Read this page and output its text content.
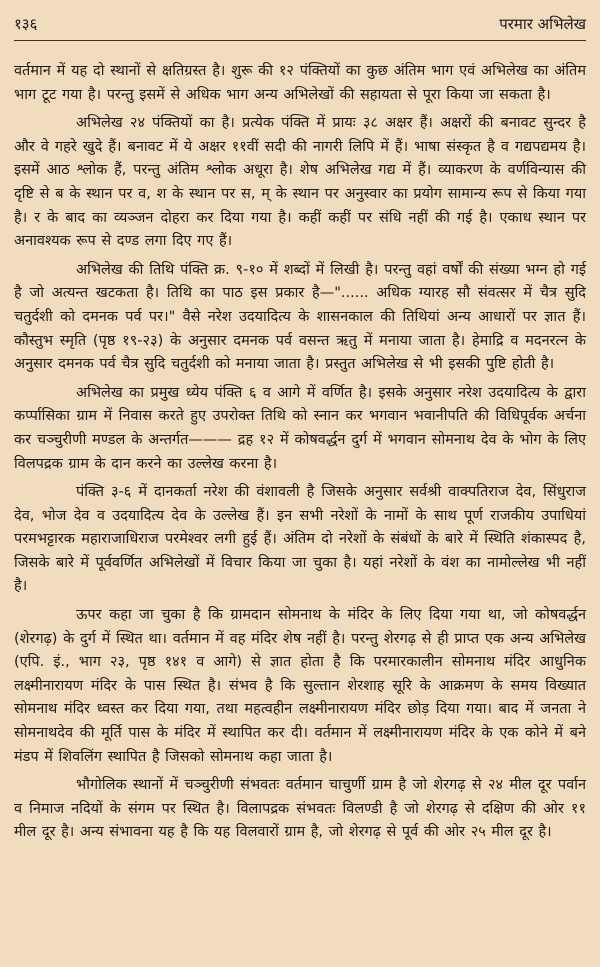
१३६	परमार अभिलेख

वर्तमान में यह दो स्थानों से क्षतिग्रस्त है। शुरू की १२ पंक्तियों का कुछ अंतिम भाग एवं अभिलेख का अंतिम भाग टूट गया है। परन्तु इसमें से अधिक भाग अन्य अभिलेखों की सहायता से पूरा किया जा सकता है।

अभिलेख २४ पंक्तियों का है। प्रत्येक पंक्ति में प्रायः ३८ अक्षर हैं। अक्षरों की बनावट सुन्दर है और वे गहरे खुदे हैं। बनावट में ये अक्षर ११वीं सदी की नागरी लिपि में हैं। भाषा संस्कृत है व गद्यपद्यमय है। इसमें आठ श्लोक हैं, परन्तु अंतिम श्लोक अधूरा है। शेष अभिलेख गद्य में हैं। व्याकरण के वर्णविन्यास की दृष्टि से ब के स्थान पर व, श के स्थान पर स, म् के स्थान पर अनुस्वार का प्रयोग सामान्य रूप से किया गया है। र के बाद का व्यञ्जन दोहरा कर दिया गया है। कहीं कहीं पर संधि नहीं की गई है। एकाध स्थान पर अनावश्यक रूप से दण्ड लगा दिए गए हैं।

अभिलेख की तिथि पंक्ति क्र. ९-१० में शब्दों में लिखी है। परन्तु वहां वर्षों की संख्या भग्न हो गई है जो अत्यन्त खटकता है। तिथि का पाठ इस प्रकार है—"...... अधिक ग्यारह सौ संवत्सर में चैत्र सुदि चतुर्दशी को दमनक पर्व पर।" वैसे नरेश उदयादित्य के शासनकाल की तिथियां अन्य आधारों पर ज्ञात हैं। कौस्तुभ स्मृति (पृष्ठ १९-२३) के अनुसार दमनक पर्व वसन्त ऋतु में मनाया जाता है। हेमाद्रि व मदनरत्न के अनुसार दमनक पर्व चैत्र सुदि चतुर्दशी को मनाया जाता है। प्रस्तुत अभिलेख से भी इसकी पुष्टि होती है।

अभिलेख का प्रमुख ध्येय पंक्ति ६ व आगे में वर्णित है। इसके अनुसार नरेश उदयादित्य के द्वारा कर्प्पासिका ग्राम में निवास करते हुए उपरोक्त तिथि को स्नान कर भगवान भवानीपति की विधिपूर्वक अर्चना कर चञ्चुरीणी मण्डल के अन्तर्गत——— द्रह १२ में कोषवर्द्धन दुर्ग में भगवान सोमनाथ देव के भोग के लिए विलपद्रक ग्राम के दान करने का उल्लेख करना है।

पंक्ति ३-६ में दानकर्ता नरेश की वंशावली है जिसके अनुसार सर्वश्री वाक्पतिराज देव, सिंधुराज देव, भोज देव व उदयादित्य देव के उल्लेख हैं। इन सभी नरेशों के नामों के साथ पूर्ण राजकीय उपाधियां परमभट्टारक महाराजाधिराज परमेश्वर लगी हुई हैं। अंतिम दो नरेशों के संबंधों के बारे में स्थिति शंकास्पद है, जिसके बारे में पूर्ववर्णित अभिलेखों में विचार किया जा चुका है। यहां नरेशों के वंश का नामोल्लेख भी नहीं है।

ऊपर कहा जा चुका है कि ग्रामदान सोमनाथ के मंदिर के लिए दिया गया था, जो कोषवर्द्धन (शेरगढ़) के दुर्ग में स्थित था। वर्तमान में वह मंदिर शेष नहीं है। परन्तु शेरगढ़ से ही प्राप्त एक अन्य अभिलेख (एपि. इं., भाग २३, पृष्ठ १४१ व आगे) से ज्ञात होता है कि परमारकालीन सोमनाथ मंदिर आधुनिक लक्ष्मीनारायण मंदिर के पास स्थित है। संभव है कि सुल्तान शेरशाह सूरि के आक्रमण के समय विख्यात सोमनाथ मंदिर ध्वस्त कर दिया गया, तथा महत्वहीन लक्ष्मीनारायण मंदिर छोड़ दिया गया। बाद में जनता ने सोमनाथदेव की मूर्ति पास के मंदिर में स्थापित कर दी। वर्तमान में लक्ष्मीनारायण मंदिर के एक कोने में बने मंडप में शिवलिंग स्थापित है जिसको सोमनाथ कहा जाता है।

भौगोलिक स्थानों में चञ्चुरीणी संभवतः वर्तमान चाचुर्णी ग्राम है जो शेरगढ़ से २४ मील दूर पर्वान व निमाज नदियों के संगम पर स्थित है। विलापद्रक संभवतः विलण्डी है जो शेरगढ़ से दक्षिण की ओर ११ मील दूर है। अन्य संभावना यह है कि यह विलवारों ग्राम है, जो शेरगढ़ से पूर्व की ओर २५ मील दूर है।
